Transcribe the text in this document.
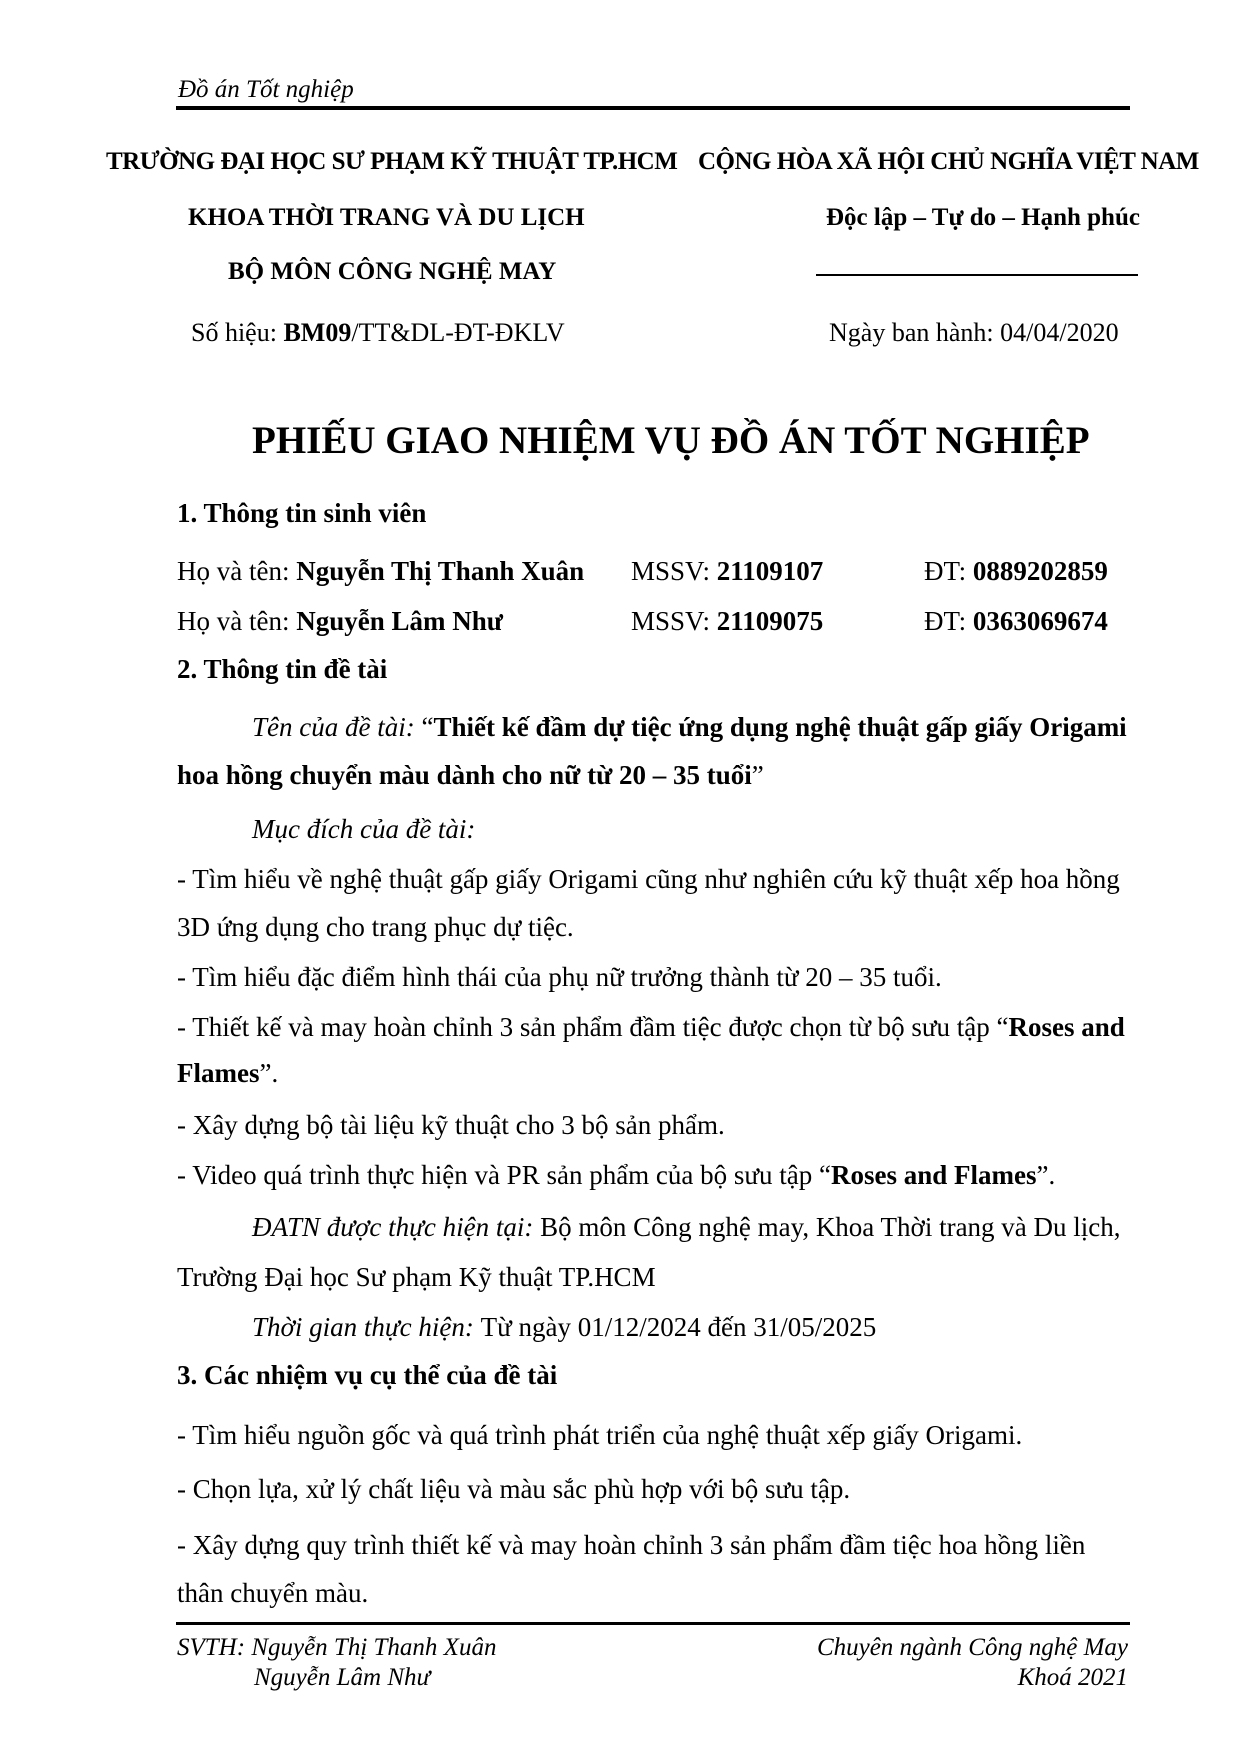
Đồ án Tốt nghiệp
TRƯỜNG ĐẠI HỌC SƯ PHẠM KỸ THUẬT TP.HCM CỘNG HÒA XÃ HỘI CHỦ NGHĨA VIỆT NAM
KHOA THỜI TRANG VÀ DU LỊCH	Độc lập – Tự do – Hạnh phúc
BỘ MÔN CÔNG NGHỆ MAY
Số hiệu: BM09/TT&DL-ĐT-ĐKLV	Ngày ban hành: 04/04/2020
PHIẾU GIAO NHIỆM VỤ ĐỒ ÁN TỐT NGHIỆP
1. Thông tin sinh viên
Họ và tên: Nguyễn Thị Thanh Xuân MSSV: 21109107	ĐT: 0889202859
Họ và tên: Nguyễn Lâm Như	MSSV: 21109075	ĐT: 0363069674
2. Thông tin đề tài
Tên của đề tài: “Thiết kế đầm dự tiệc ứng dụng nghệ thuật gấp giấy Origami
hoa hồng chuyển màu dành cho nữ từ 20 – 35 tuổi”
Mục đích của đề tài:
- Tìm hiểu về nghệ thuật gấp giấy Origami cũng như nghiên cứu kỹ thuật xếp hoa hồng
3D ứng dụng cho trang phục dự tiệc.
- Tìm hiểu đặc điểm hình thái của phụ nữ trưởng thành từ 20 – 35 tuổi.
- Thiết kế và may hoàn chỉnh 3 sản phẩm đầm tiệc được chọn từ bộ sưu tập “Roses and
Flames”.
- Xây dựng bộ tài liệu kỹ thuật cho 3 bộ sản phẩm.
- Video quá trình thực hiện và PR sản phẩm của bộ sưu tập “Roses and Flames”.
ĐATN được thực hiện tại: Bộ môn Công nghệ may, Khoa Thời trang và Du lịch,
Trường Đại học Sư phạm Kỹ thuật TP.HCM
Thời gian thực hiện: Từ ngày 01/12/2024 đến 31/05/2025
3. Các nhiệm vụ cụ thể của đề tài
- Tìm hiểu nguồn gốc và quá trình phát triển của nghệ thuật xếp giấy Origami.
- Chọn lựa, xử lý chất liệu và màu sắc phù hợp với bộ sưu tập.
- Xây dựng quy trình thiết kế và may hoàn chỉnh 3 sản phẩm đầm tiệc hoa hồng liền
thân chuyển màu.
SVTH: Nguyễn Thị Thanh Xuân
Nguyễn Lâm Như
Chuyên ngành Công nghệ May
Khoá 2021
